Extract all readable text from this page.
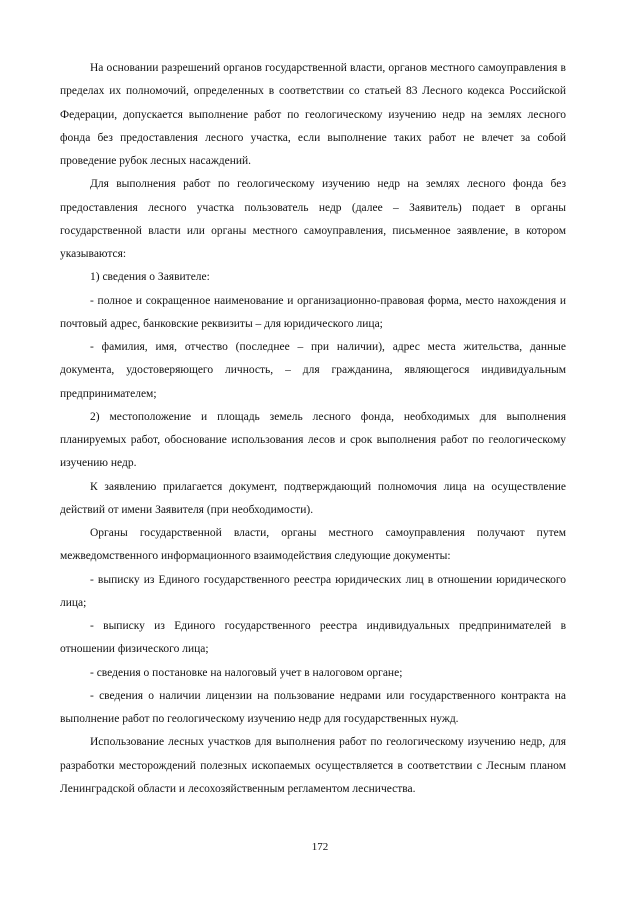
На основании разрешений органов государственной власти, органов местного самоуправления в пределах их полномочий, определенных в соответствии со статьей 83 Лесного кодекса Российской Федерации, допускается выполнение работ по геологическому изучению недр на землях лесного фонда без предоставления лесного участка, если выполнение таких работ не влечет за собой проведение рубок лесных насаждений.

Для выполнения работ по геологическому изучению недр на землях лесного фонда без предоставления лесного участка пользователь недр (далее – Заявитель) подает в органы государственной власти или органы местного самоуправления, письменное заявление, в котором указываются:

1) сведения о Заявителе:

- полное и сокращенное наименование и организационно-правовая форма, место нахождения и почтовый адрес, банковские реквизиты – для юридического лица;

- фамилия, имя, отчество (последнее – при наличии), адрес места жительства, данные документа, удостоверяющего личность, – для гражданина, являющегося индивидуальным предпринимателем;

2) местоположение и площадь земель лесного фонда, необходимых для выполнения планируемых работ, обоснование использования лесов и срок выполнения работ по геологическому изучению недр.

К заявлению прилагается документ, подтверждающий полномочия лица на осуществление действий от имени Заявителя (при необходимости).

Органы государственной власти, органы местного самоуправления получают путем межведомственного информационного взаимодействия следующие документы:

- выписку из Единого государственного реестра юридических лиц в отношении юридического лица;

- выписку из Единого государственного реестра индивидуальных предпринимателей в отношении физического лица;

- сведения о постановке на налоговый учет в налоговом органе;

- сведения о наличии лицензии на пользование недрами или государственного контракта на выполнение работ по геологическому изучению недр для государственных нужд.

Использование лесных участков для выполнения работ по геологическому изучению недр, для разработки месторождений полезных ископаемых осуществляется в соответствии с Лесным планом Ленинградской области и лесохозяйственным регламентом лесничества.

172
